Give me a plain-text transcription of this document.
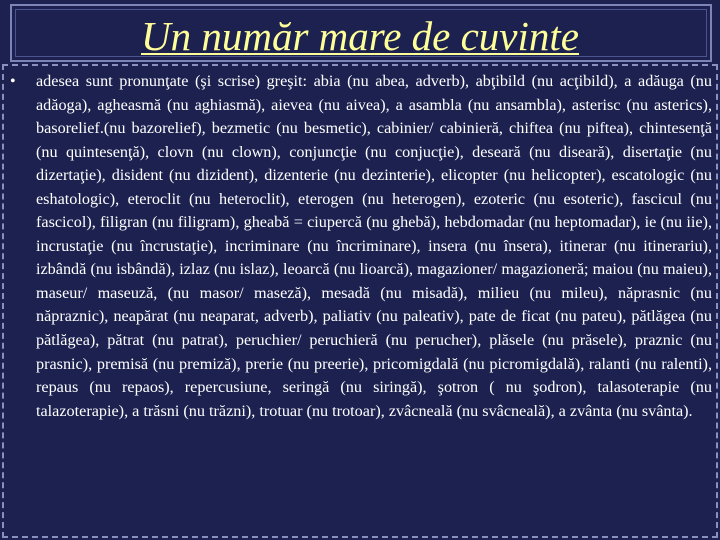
Un număr mare de cuvinte
•	adesea sunt pronunţate (şi scrise) greşit: abia (nu abea, adverb), abţibild (nu acţibild), a adăuga (nu adăoga), agheasmă (nu aghiasmă), aievea (nu aivea), a asambla (nu ansambla), asterisc (nu asterics), basorelief.(nu bazorelief), bezmetic (nu besmetic), cabinier/ cabinieră, chiftea (nu piftea), chintesenţă (nu quintesenţă), clovn (nu clown), conjuncţie (nu conjucţie), deseară (nu diseară), disertaţie (nu dizertaţie), disident (nu dizident), dizenterie (nu dezinterie), elicopter (nu helicopter), escatologic (nu eshatologic), eteroclit (nu heteroclit), eterogen (nu heterogen), ezoteric (nu esoteric), fascicul (nu fascicol), filigran (nu filigram), gheabă = ciupercă (nu ghebă), hebdomadar (nu heptomadar), ie (nu iie), incrustaţie (nu încrustaţie), incriminare (nu încriminare), insera (nu însera), itinerar (nu itinerariu), izbândă (nu isbândă), izlaz (nu islaz), leoarcă (nu lioarcă), magazioner/ magazioneră; maiou (nu maieu), maseur/ maseuză, (nu masor/ maseză), mesadă (nu misadă), milieu (nu mileu), năprasnic (nu năpraznic), neapărat (nu neaparat, adverb), paliativ (nu paleativ), pate de ficat (nu pateu), pătlăgea (nu pătlăgea), pătrat (nu patrat), peruchier/ peruchieră (nu perucher), plăsele (nu prăsele), praznic (nu prasnic), premisă (nu premiză), prerie (nu preerie), pricomigdală (nu picromigdală), ralanti (nu ralenti), repaus (nu repaos), repercusiune, seringă (nu siringă), şotron ( nu şodron), talasoterapie (nu talazoterapie), a trăsni (nu trăzni), trotuar (nu trotoar), zvâcneală (nu svâcneală), a zvânta (nu svânta).
